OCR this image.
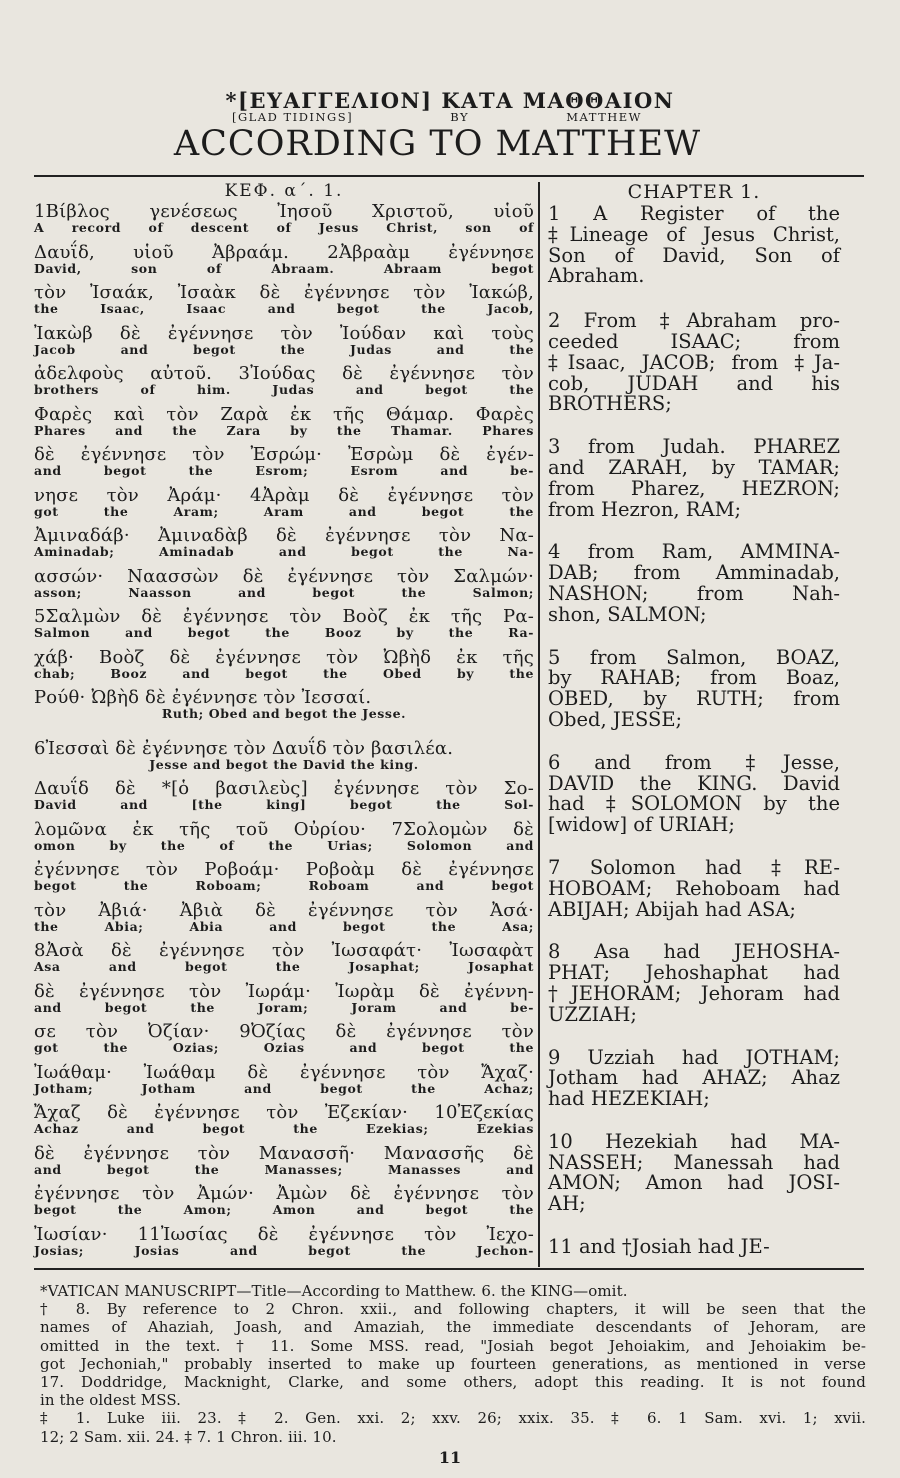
*[ΕΥΑΓΓΕΛΙΟΝ] ΚΑΤΑ ΜΑΘΘΑΙΟΝ
[GLAD TIDINGS]	BY	MATTHEW
ACCORDING TO MATTHEW
ΚΕΦ. α΄. 1.
1Βίβλος γενέσεως Ἰησοῦ Χριστοῦ, υἱοῦ
A record of descent of Jesus Christ, son of
Δαυΐδ, υἱοῦ Ἀβραάμ. 2Ἀβραὰμ ἐγέννησε
David, son of Abraam. Abraam begot
τὸν Ἰσαάκ, Ἰσαὰκ δὲ ἐγέννησε τὸν Ἰακώβ,
the Isaac, Isaac and begot the Jacob,
Ἰακὼβ δὲ ἐγέννησε τὸν Ἰούδαν καὶ τοὺς
Jacob and begot the Judas and the
ἀδελφοὺς αὐτοῦ. 3Ἰούδας δὲ ἐγέννησε τὸν
brothers of him. Judas and begot the
Φαρὲς καὶ τὸν Ζαρὰ ἐκ τῆς Θάμαρ. Φαρὲς
Phares and the Zara by the Thamar. Phares
δὲ ἐγέννησε τὸν Ἐσρώμ· Ἐσρὼμ δὲ ἐγέν-
and begot the Esrom; Esrom and be-
νησε τὸν Ἀράμ· 4Ἀρὰμ δὲ ἐγέννησε τὸν
got the Aram; Aram and begot the
Ἀμιναδάβ· Ἀμιναδὰβ δὲ ἐγέννησε τὸν Να-
Aminadab; Aminadab and begot the Na-
ασσών· Ναασσὼν δὲ ἐγέννησε τὸν Σαλμών·
asson; Naasson and begot the Salmon;
5Σαλμὼν δὲ ἐγέννησε τὸν Βοὸζ ἐκ τῆς Ρα-
Salmon and begot the Booz by the Ra-
χάβ· Βοὸζ δὲ ἐγέννησε τὸν Ὠβὴδ ἐκ τῆς
chab; Booz and begot the Obed by the
Ρούθ· Ὠβὴδ δὲ ἐγέννησε τὸν Ἰεσσαί.
Ruth; Obed and begot the Jesse.
6Ἰεσσαὶ δὲ ἐγέννησε τὸν Δαυΐδ τὸν βασιλέα.
Jesse and begot the David the king.
Δαυΐδ δὲ *[ὁ βασιλεὺς] ἐγέννησε τὸν Σο-
David and [the king] begot the Sol-
λομῶνα ἐκ τῆς τοῦ Οὐρίου· 7Σολομὼν δὲ
omon by the of the Urias; Solomon and
ἐγέννησε τὸν Ροβοάμ· Ροβοὰμ δὲ ἐγέννησε
begot the Roboam; Roboam and begot
τὸν Ἀβιά· Ἀβιὰ δὲ ἐγέννησε τὸν Ἀσά·
the Abia; Abia and begot the Asa;
8Ἀσὰ δὲ ἐγέννησε τὸν Ἰωσαφάτ· Ἰωσαφὰτ
Asa and begot the Josaphat; Josaphat
δὲ ἐγέννησε τὸν Ἰωράμ· Ἰωρὰμ δὲ ἐγέννη-
and begot the Joram; Joram and be-
σε τὸν Ὀζίαν· 9Ὀζίας δὲ ἐγέννησε τὸν
got the Ozias; Ozias and begot the
Ἰωάθαμ· Ἰωάθαμ δὲ ἐγέννησε τὸν Ἄχαζ·
Jotham; Jotham and begot the Achaz;
Ἄχαζ δὲ ἐγέννησε τὸν Ἐζεκίαν· 10Ἐζεκίας
Achaz and begot the Ezekias; Ezekias
δὲ ἐγέννησε τὸν Μανασσῆ· Μανασσῆς δὲ
and begot the Manasses; Manasses and
ἐγέννησε τὸν Ἀμών· Ἀμὼν δὲ ἐγέννησε τὸν
begot the Amon; Amon and begot the
Ἰωσίαν· 11Ἰωσίας δὲ ἐγέννησε τὸν Ἰεχο-
Josias; Josias and begot the Jechon-
CHAPTER 1.
1 A Register of the
‡Lineage of Jesus Christ,
Son of David, Son of
Abraham.
2 From ‡Abraham pro-
ceeded ISAAC; from
‡Isaac, JACOB; from ‡Ja-
cob, JUDAH and his
BROTHERS;
3 from Judah. PHAREZ
and ZARAH, by TAMAR;
from Pharez, HEZRON;
from Hezron, RAM;
4 from Ram, AMMINA-
DAB; from Amminadab,
NASHON; from Nah-
shon, SALMON;
5 from Salmon, BOAZ,
by RAHAB; from Boaz,
OBED, by RUTH; from
Obed, JESSE;
6 and from ‡Jesse,
DAVID the KING. David
had ‡SOLOMON by the
[widow] of URIAH;
7 Solomon had ‡RE-
HOBOAM; Rehoboam had
ABIJAH; Abijah had ASA;
8 Asa had JEHOSHA-
PHAT; Jehoshaphat had
†JEHORAM; Jehoram had
UZZIAH;
9 Uzziah had JOTHAM;
Jotham had AHAZ; Ahaz
had HEZEKIAH;
10 Hezekiah had MA-
NASSEH; Manessah had
AMON; Amon had JOSI-
AH;
11 and †Josiah had JE-
*VATICAN MANUSCRIPT—Title—According to Matthew. 6. the KING—omit.
† 8. By reference to 2 Chron. xxii., and following chapters, it will be seen that the
names of Ahaziah, Joash, and Amaziah, the immediate descendants of Jehoram, are
omitted in the text. † 11. Some MSS. read, "Josiah begot Jehoiakim, and Jehoiakim be-
got Jechoniah," probably inserted to make up fourteen generations, as mentioned in verse
17. Doddridge, Macknight, Clarke, and some others, adopt this reading. It is not found
in the oldest MSS.
‡ 1. Luke iii. 23. ‡ 2. Gen. xxi. 2; xxv. 26; xxix. 35. ‡ 6. 1 Sam. xvi. 1; xvii.
12; 2 Sam. xii. 24. ‡ 7. 1 Chron. iii. 10.
11
